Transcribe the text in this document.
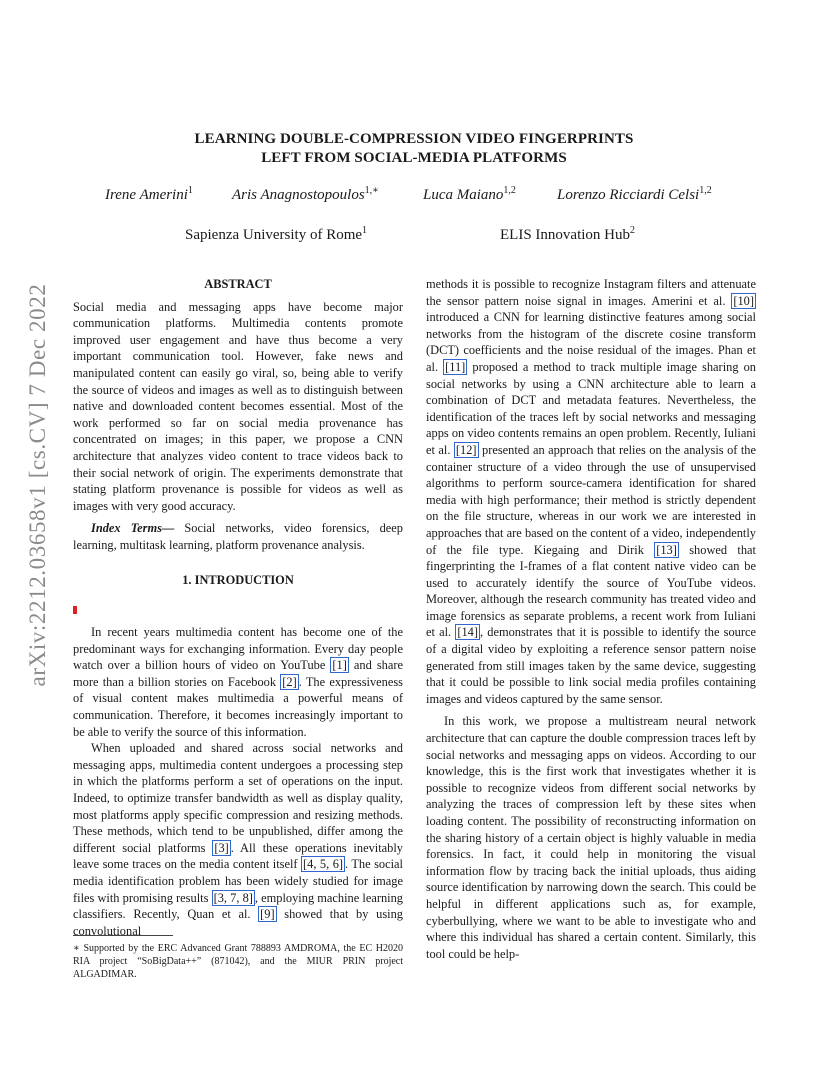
arXiv:2212.03658v1 [cs.CV] 7 Dec 2022
LEARNING DOUBLE-COMPRESSION VIDEO FINGERPRINTS
LEFT FROM SOCIAL-MEDIA PLATFORMS
Irene Amerini$^1$	Aris Anagnostopoulos$^{1,∗}$	Luca Maiano$^{1,2}$	Lorenzo Ricciardi Celsi$^{1,2}$
Sapienza University of Rome$^1$	ELIS Innovation Hub$^2$
ABSTRACT

Social media and messaging apps have become major communication platforms. Multimedia contents promote improved user engagement and have thus become a very important communication tool. However, fake news and manipulated content can easily go viral, so, being able to verify the source of videos and images as well as to distinguish between native and downloaded content becomes essential. Most of the work performed so far on social media provenance has concentrated on images; in this paper, we propose a CNN architecture that analyzes video content to trace videos back to their social network of origin. The experiments demonstrate that stating platform provenance is possible for videos as well as images with very good accuracy.

Index Terms— Social networks, video forensics, deep learning, multitask learning, platform provenance analysis.

1. INTRODUCTION

In recent years multimedia content has become one of the predominant ways for exchanging information. Every day people watch over a billion hours of video on YouTube [1] and share more than a billion stories on Facebook [2] . The expressiveness of visual content makes multimedia a powerful means of communication. Therefore, it becomes increasingly important to be able to verify the source of this information.

When uploaded and shared across social networks and messaging apps, multimedia content undergoes a processing step in which the platforms perform a set of operations on the input. Indeed, to optimize transfer bandwidth as well as display quality, most platforms apply specific compression and resizing methods. These methods, which tend to be unpublished, differ among the different social platforms [3] . All these operations inevitably leave some traces on the media content itself [4, 5, 6] . The social media identification problem has been widely studied for image files with promising results [3, 7, 8] , employing machine learning classifiers. Recently, Quan et al. [9] showed that by using convolutional

∗ Supported by the ERC Advanced Grant 788893 AMDROMA, the EC H2020 RIA project “SoBigData++” (871042), and the MIUR PRIN project ALGADIMAR.

methods it is possible to recognize Instagram filters and attenuate the sensor pattern noise signal in images. Amerini et al. [10] introduced a CNN for learning distinctive features among social networks from the histogram of the discrete cosine transform (DCT) coefficients and the noise residual of the images. Phan et al. [11] proposed a method to track multiple image sharing on social networks by using a CNN architecture able to learn a combination of DCT and metadata features. Nevertheless, the identification of the traces left by social networks and messaging apps on video contents remains an open problem. Recently, Iuliani et al. [12] presented an approach that relies on the analysis of the container structure of a video through the use of unsupervised algorithms to perform source-camera identification for shared media with high performance; their method is strictly dependent on the file structure, whereas in our work we are interested in approaches that are based on the content of a video, independently of the file type. Kiegaing and Dirik [13] showed that fingerprinting the I-frames of a flat content native video can be used to accurately identify the source of YouTube videos. Moreover, although the research community has treated video and image forensics as separate problems, a recent work from Iuliani et al. [14] , demonstrates that it is possible to identify the source of a digital video by exploiting a reference sensor pattern noise generated from still images taken by the same device, suggesting that it could be possible to link social media profiles containing images and videos captured by the same sensor.

In this work, we propose a multistream neural network architecture that can capture the double compression traces left by social networks and messaging apps on videos. According to our knowledge, this is the first work that investigates whether it is possible to recognize videos from different social networks by analyzing the traces of compression left by these sites when loading content. The possibility of reconstructing information on the sharing history of a certain object is highly valuable in media forensics. In fact, it could help in monitoring the visual information flow by tracing back the initial uploads, thus aiding source identification by narrowing down the search. This could be helpful in different applications such as, for example, cyberbullying, where we want to be able to investigate who and where this individual has shared a certain content. Similarly, this tool could be help-
